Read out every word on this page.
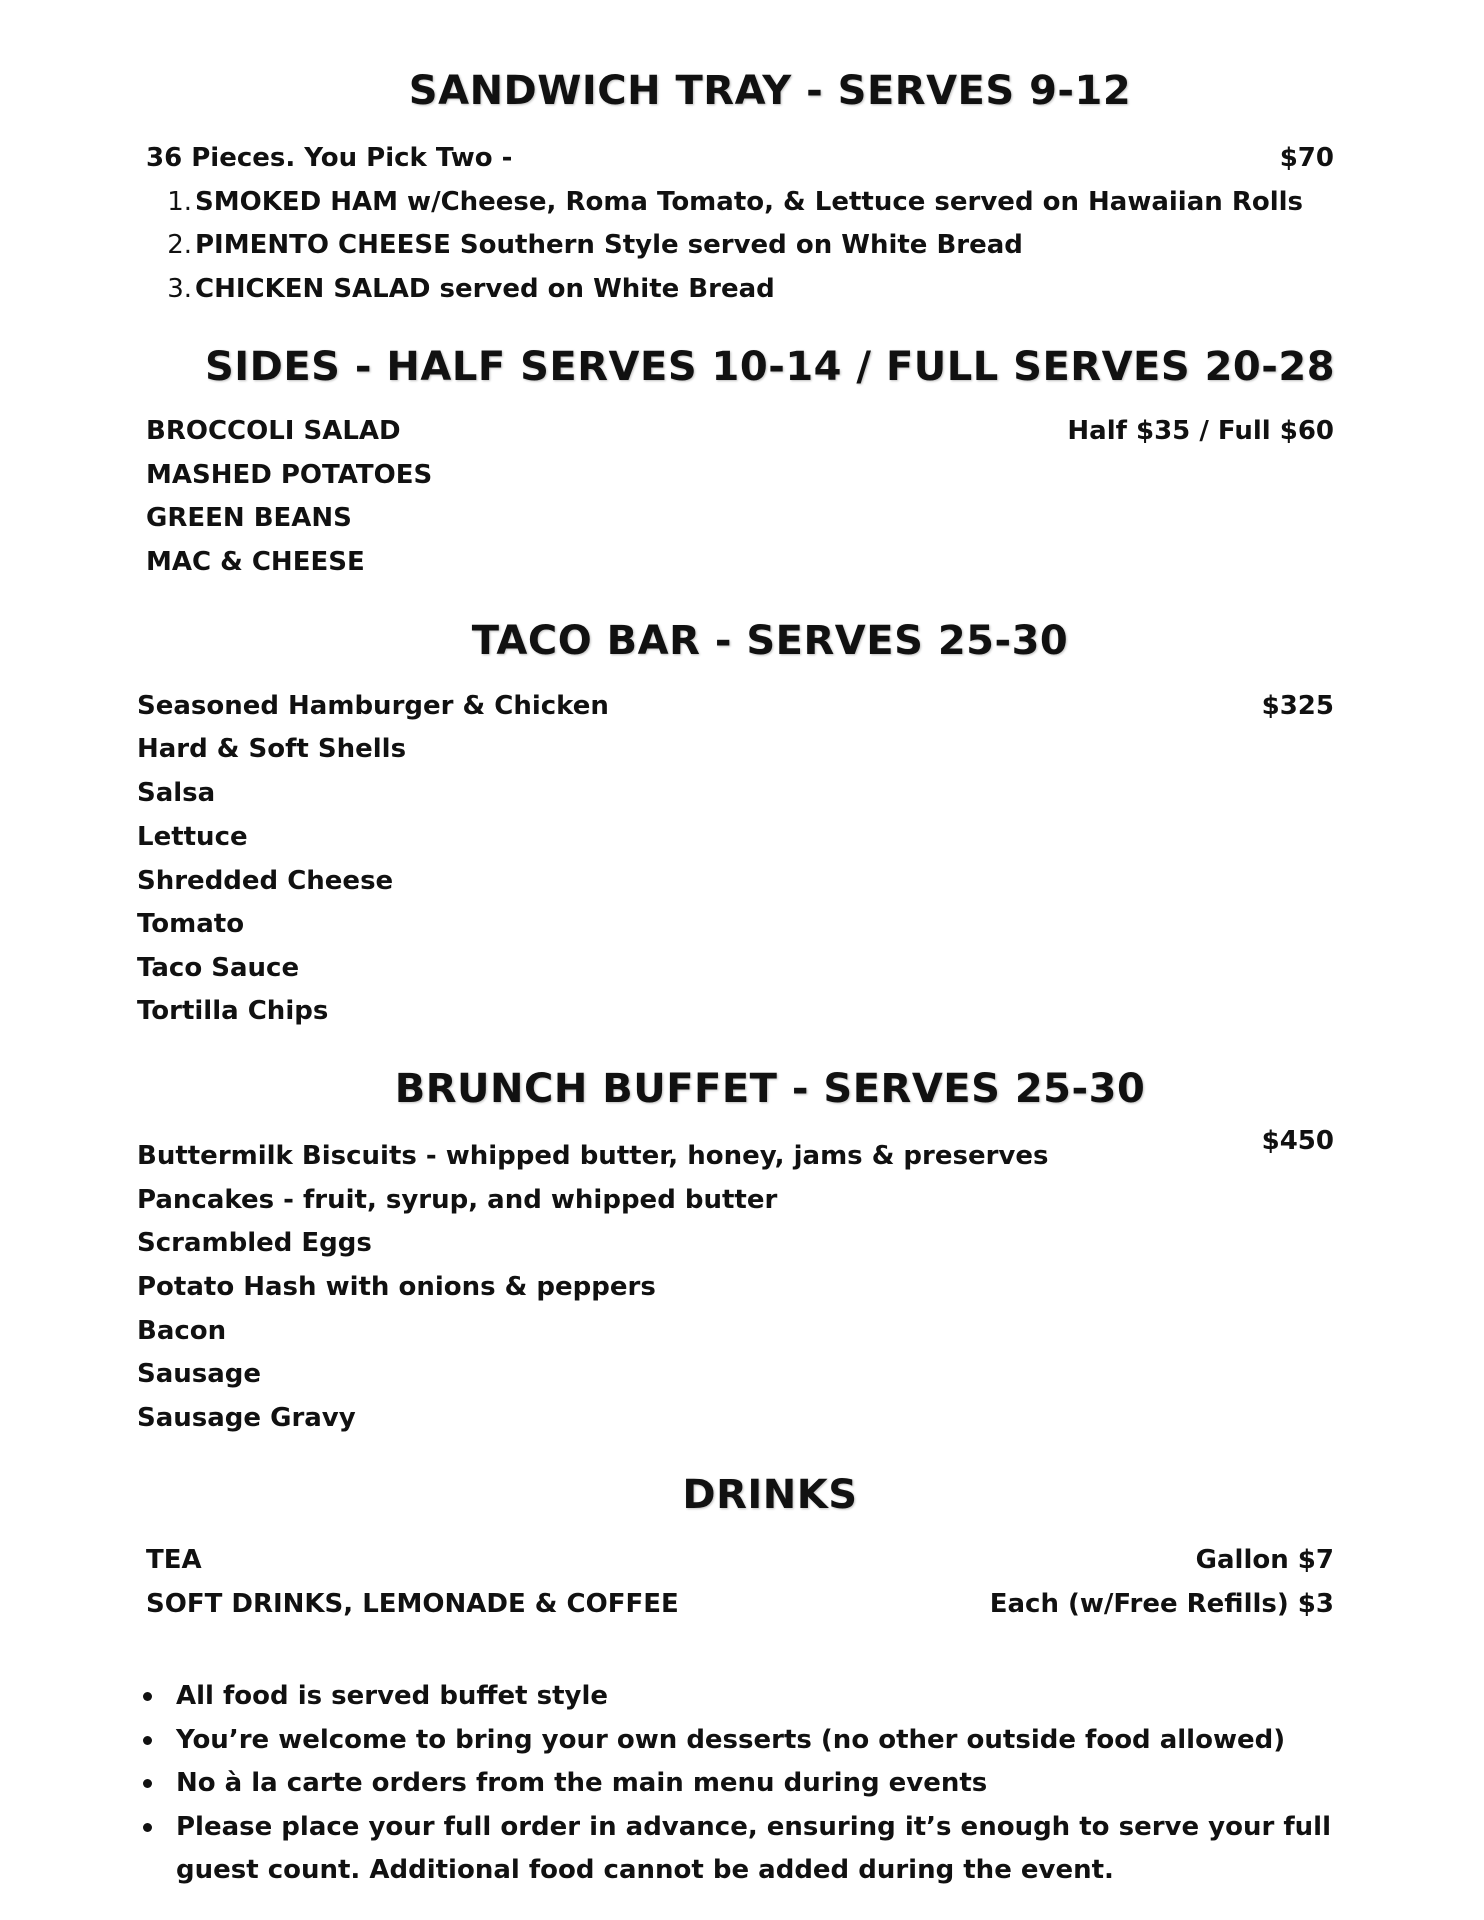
SANDWICH TRAY - SERVES 9-12
36 Pieces. You Pick Two -	$70
1. SMOKED HAM w/Cheese, Roma Tomato, & Lettuce served on Hawaiian Rolls
2. PIMENTO CHEESE Southern Style served on White Bread
3. CHICKEN SALAD served on White Bread
SIDES - HALF SERVES 10-14 / FULL SERVES 20-28
Half $35 / Full $60
BROCCOLI SALAD
MASHED POTATOES
GREEN BEANS
MAC & CHEESE
TACO BAR - SERVES 25-30
$325
Seasoned Hamburger & Chicken
Hard & Soft Shells
Salsa
Lettuce
Shredded Cheese
Tomato
Taco Sauce
Tortilla Chips
BRUNCH BUFFET - SERVES 25-30
$450
Buttermilk Biscuits - whipped butter, honey, jams & preserves
Pancakes - fruit, syrup, and whipped butter
Scrambled Eggs
Potato Hash with onions & peppers
Bacon
Sausage
Sausage Gravy
DRINKS
TEA	Gallon $7
SOFT DRINKS, LEMONADE & COFFEE	Each (w/Free Refills) $3
All food is served buffet style
You’re welcome to bring your own desserts (no other outside food allowed)
No à la carte orders from the main menu during events
Please place your full order in advance, ensuring it’s enough to serve your full guest count. Additional food cannot be added during the event.
